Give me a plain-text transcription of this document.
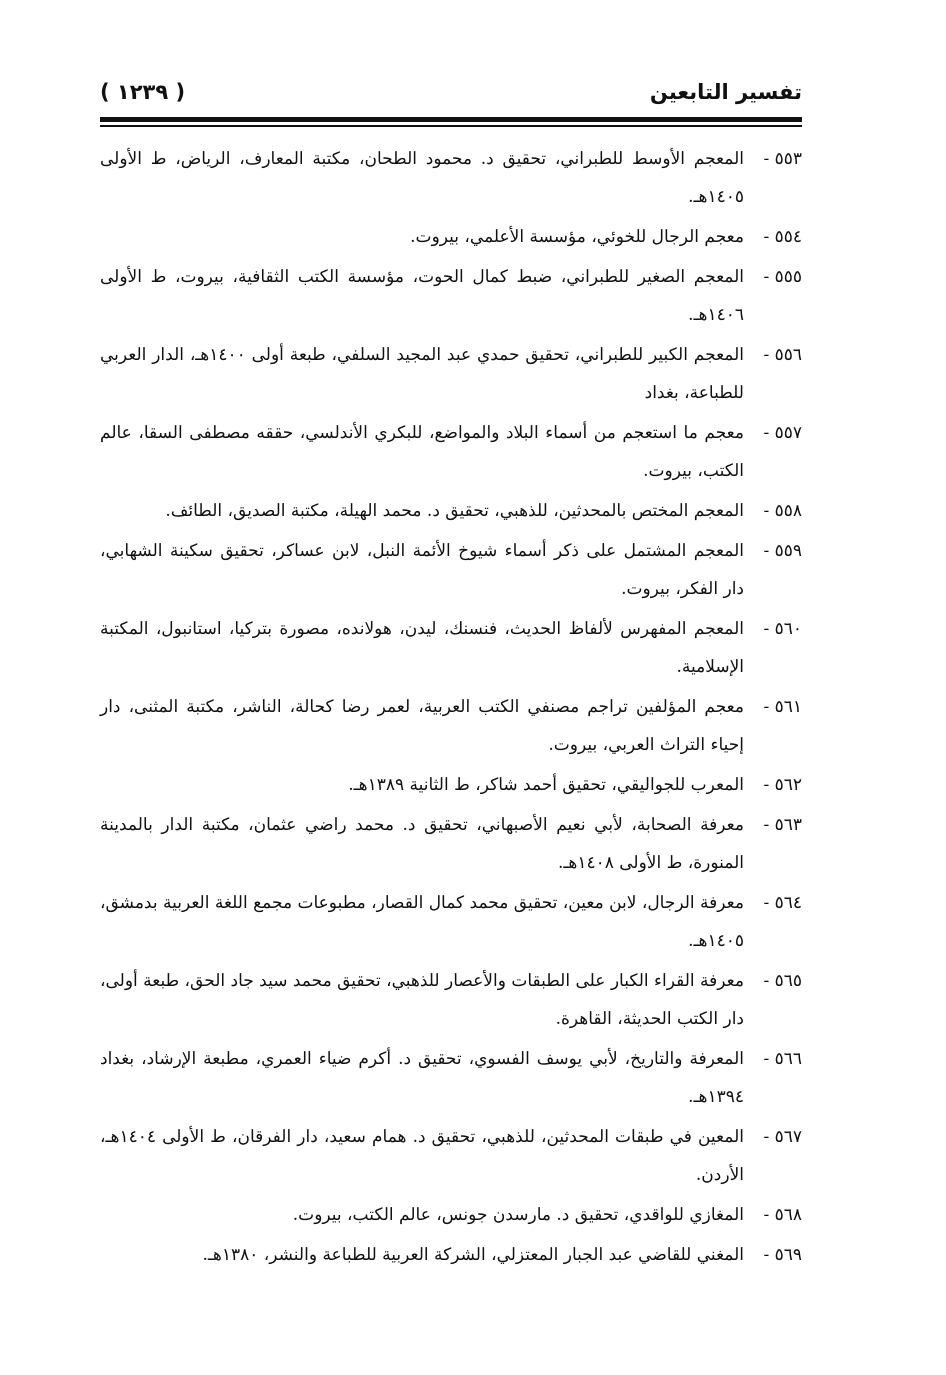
تفسير التابعين
( ١٢٣٩ )
٥٥٣ -
المعجم الأوسط للطبراني، تحقيق د. محمود الطحان، مكتبة المعارف، الرياض، ط الأولى ١٤٠٥هـ.
٥٥٤ -
معجم الرجال للخوئي، مؤسسة الأعلمي، بيروت.
٥٥٥ -
المعجم الصغير للطبراني، ضبط كمال الحوت، مؤسسة الكتب الثقافية، بيروت، ط الأولى ١٤٠٦هـ.
٥٥٦ -
المعجم الكبير للطبراني، تحقيق حمدي عبد المجيد السلفي، طبعة أولى ١٤٠٠هـ، الدار العربي للطباعة، بغداد
٥٥٧ -
معجم ما استعجم من أسماء البلاد والمواضع، للبكري الأندلسي، حققه مصطفى السقا، عالم الكتب، بيروت.
٥٥٨ -
المعجم المختص بالمحدثين، للذهبي، تحقيق د. محمد الهيلة، مكتبة الصديق، الطائف.
٥٥٩ -
المعجم المشتمل على ذكر أسماء شيوخ الأئمة النبل، لابن عساكر، تحقيق سكينة الشهابي، دار الفكر، بيروت.
٥٦٠ -
المعجم المفهرس لألفاظ الحديث، فنسنك، ليدن، هولانده، مصورة بتركيا، استانبول، المكتبة الإسلامية.
٥٦١ -
معجم المؤلفين تراجم مصنفي الكتب العربية، لعمر رضا كحالة، الناشر، مكتبة المثنى، دار إحياء التراث العربي، بيروت.
٥٦٢ -
المعرب للجواليقي، تحقيق أحمد شاكر، ط الثانية ١٣٨٩هـ.
٥٦٣ -
معرفة الصحابة، لأبي نعيم الأصبهاني، تحقيق د. محمد راضي عثمان، مكتبة الدار بالمدينة المنورة، ط الأولى ١٤٠٨هـ.
٥٦٤ -
معرفة الرجال، لابن معين، تحقيق محمد كمال القصار، مطبوعات مجمع اللغة العربية بدمشق، ١٤٠٥هـ.
٥٦٥ -
معرفة القراء الكبار على الطبقات والأعصار للذهبي، تحقيق محمد سيد جاد الحق، طبعة أولى، دار الكتب الحديثة، القاهرة.
٥٦٦ -
المعرفة والتاريخ، لأبي يوسف الفسوي، تحقيق د. أكرم ضياء العمري، مطبعة الإرشاد، بغداد ١٣٩٤هـ.
٥٦٧ -
المعين في طبقات المحدثين، للذهبي، تحقيق د. همام سعيد، دار الفرقان، ط الأولى ١٤٠٤هـ، الأردن.
٥٦٨ -
المغازي للواقدي، تحقيق د. مارسدن جونس، عالم الكتب، بيروت.
٥٦٩ -
المغني للقاضي عبد الجبار المعتزلي، الشركة العربية للطباعة والنشر، ١٣٨٠هـ.
